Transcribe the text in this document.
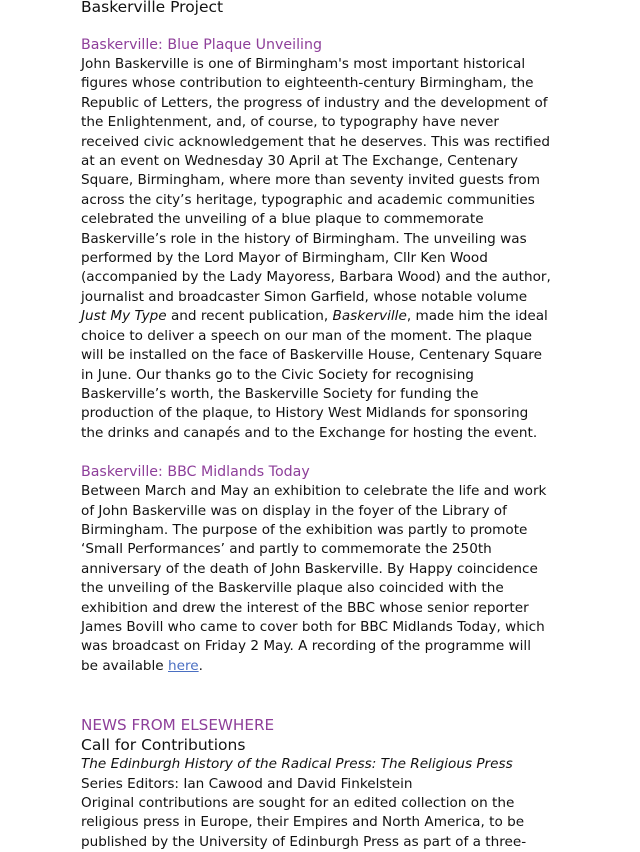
Baskerville Project
Baskerville: Blue Plaque Unveiling

John Baskerville is one of Birmingham's most important historical figures whose contribution to eighteenth-century Birmingham, the Republic of Letters, the progress of industry and the development of the Enlightenment, and, of course, to typography have never received civic acknowledgement that he deserves. This was rectified at an event on Wednesday 30 April at The Exchange, Centenary Square, Birmingham, where more than seventy invited guests from across the city’s heritage, typographic and academic communities celebrated the unveiling of a blue plaque to commemorate Baskerville’s role in the history of Birmingham. The unveiling was performed by the Lord Mayor of Birmingham, Cllr Ken Wood (accompanied by the Lady Mayoress, Barbara Wood) and the author, journalist and broadcaster Simon Garfield, whose notable volume Just My Type and recent publication, Baskerville, made him the ideal choice to deliver a speech on our man of the moment. The plaque will be installed on the face of Baskerville House, Centenary Square in June. Our thanks go to the Civic Society for recognising Baskerville’s worth, the Baskerville Society for funding the production of the plaque, to History West Midlands for sponsoring the drinks and canapés and to the Exchange for hosting the event.

Baskerville: BBC Midlands Today

Between March and May an exhibition to celebrate the life and work of John Baskerville was on display in the foyer of the Library of Birmingham. The purpose of the exhibition was partly to promote ‘Small Performances’ and partly to commemorate the 250th anniversary of the death of John Baskerville. By Happy coincidence the unveiling of the Baskerville plaque also coincided with the exhibition and drew the interest of the BBC whose senior reporter James Bovill who came to cover both for BBC Midlands Today, which was broadcast on Friday 2 May. A recording of the programme will be available here.

NEWS FROM ELSEWHERE
Call for Contributions

The Edinburgh History of the Radical Press: The Religious Press

Series Editors: Ian Cawood and David Finkelstein

Original contributions are sought for an edited collection on the religious press in Europe, their Empires and North America, to be published by the University of Edinburgh Press as part of a three-
